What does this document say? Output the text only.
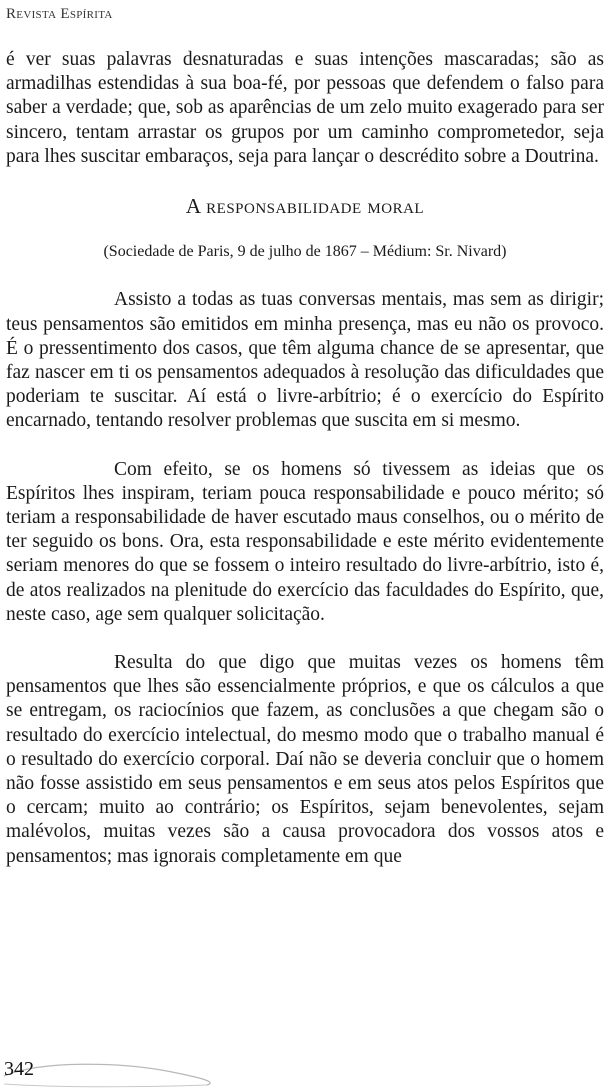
Revista Espírita

é ver suas palavras desnaturadas e suas intenções mascaradas; são as armadilhas estendidas à sua boa-fé, por pessoas que defendem o falso para saber a verdade; que, sob as aparências de um zelo muito exagerado para ser sincero, tentam arrastar os grupos por um caminho comprometedor, seja para lhes suscitar embaraços, seja para lançar o descrédito sobre a Doutrina.

A responsabilidade moral
(Sociedade de Paris, 9 de julho de 1867 – Médium: Sr. Nivard)

Assisto a todas as tuas conversas mentais, mas sem as dirigir; teus pensamentos são emitidos em minha presença, mas eu não os provoco. É o pressentimento dos casos, que têm alguma chance de se apresentar, que faz nascer em ti os pensamentos adequados à resolução das dificuldades que poderiam te suscitar. Aí está o livre-arbítrio; é o exercício do Espírito encarnado, tentando resolver problemas que suscita em si mesmo.

Com efeito, se os homens só tivessem as ideias que os Espíritos lhes inspiram, teriam pouca responsabilidade e pouco mérito; só teriam a responsabilidade de haver escutado maus conselhos, ou o mérito de ter seguido os bons. Ora, esta responsabilidade e este mérito evidentemente seriam menores do que se fossem o inteiro resultado do livre-arbítrio, isto é, de atos realizados na plenitude do exercício das faculdades do Espírito, que, neste caso, age sem qualquer solicitação.

Resulta do que digo que muitas vezes os homens têm pensamentos que lhes são essencialmente próprios, e que os cálculos a que se entregam, os raciocínios que fazem, as conclusões a que chegam são o resultado do exercício intelectual, do mesmo modo que o trabalho manual é o resultado do exercício corporal. Daí não se deveria concluir que o homem não fosse assistido em seus pensamentos e em seus atos pelos Espíritos que o cercam; muito ao contrário; os Espíritos, sejam benevolentes, sejam malévolos, muitas vezes são a causa provocadora dos vossos atos e pensamentos; mas ignorais completamente em que

342
